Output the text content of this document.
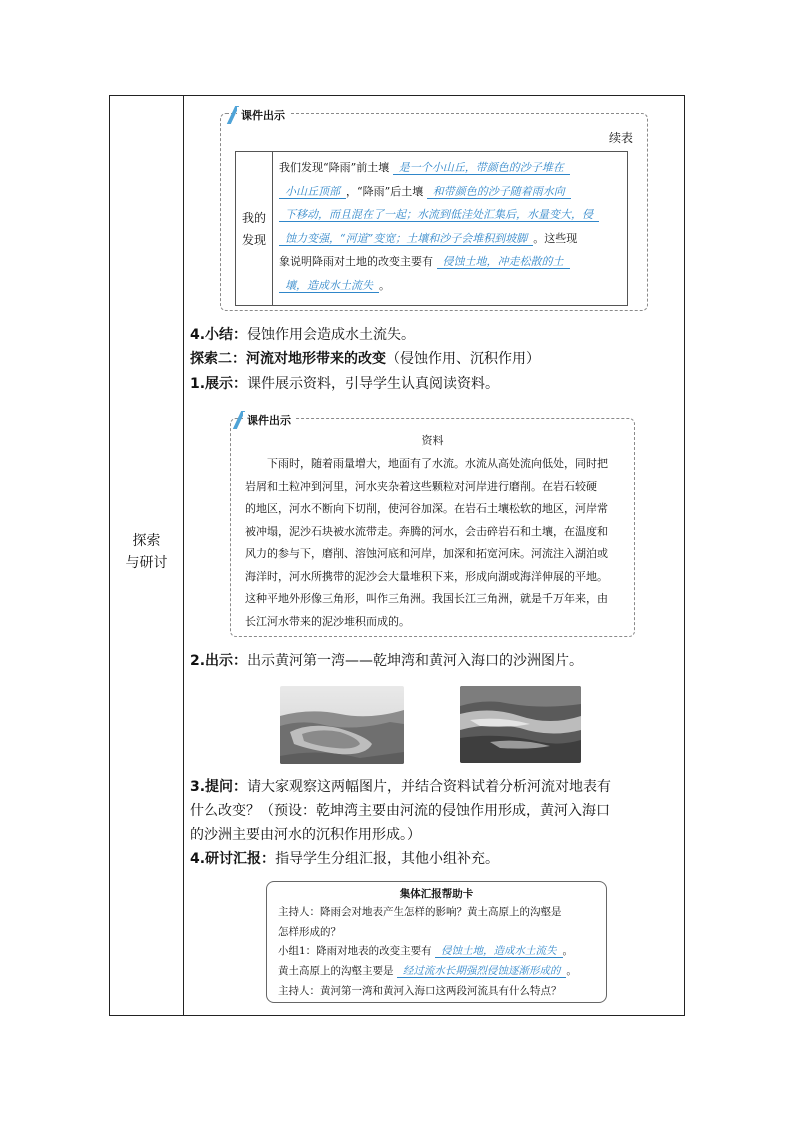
探索
与研讨
课件出示
续表
我的
发现
我们发现“降雨”前土壤 是一个小山丘，带颜色的沙子堆在
小山丘顶部 ，“降雨”后土壤 和带颜色的沙子随着雨水向
下移动，而且混在了一起；水流到低洼处汇集后，水量变大，侵
蚀力变强，“河道”变宽；土壤和沙子会堆积到坡脚 。这些现
象说明降雨对土地的改变主要有 侵蚀土地，冲走松散的土
壤，造成水土流失 。
4.小结：侵蚀作用会造成水土流失。
探索二：河流对地形带来的改变（侵蚀作用、沉积作用）
1.展示：课件展示资料，引导学生认真阅读资料。
课件出示
资料
　　下雨时，随着雨量增大，地面有了水流。水流从高处流向低处，同时把
岩屑和土粒冲到河里，河水夹杂着这些颗粒对河岸进行磨削。在岩石较硬
的地区，河水不断向下切削，使河谷加深。在岩石土壤松软的地区，河岸常
被冲塌，泥沙石块被水流带走。奔腾的河水，会击碎岩石和土壤，在温度和
风力的参与下，磨削、溶蚀河底和河岸，加深和拓宽河床。河流注入湖泊或
海洋时，河水所携带的泥沙会大量堆积下来，形成向湖或海洋伸展的平地。
这种平地外形像三角形，叫作三角洲。我国长江三角洲，就是千万年来，由
长江河水带来的泥沙堆积而成的。
2.出示：出示黄河第一湾——乾坤湾和黄河入海口的沙洲图片。
3.提问：请大家观察这两幅图片，并结合资料试着分析河流对地表有
什么改变？（预设：乾坤湾主要由河流的侵蚀作用形成，黄河入海口
的沙洲主要由河水的沉积作用形成。）
4.研讨汇报：指导学生分组汇报，其他小组补充。
集体汇报帮助卡
主持人：降雨会对地表产生怎样的影响？黄土高原上的沟壑是
怎样形成的？
小组1：降雨对地表的改变主要有 侵蚀土地，造成水土流失 。
黄土高原上的沟壑主要是 经过流水长期强烈侵蚀逐渐形成的 。
主持人：黄河第一湾和黄河入海口这两段河流具有什么特点？
